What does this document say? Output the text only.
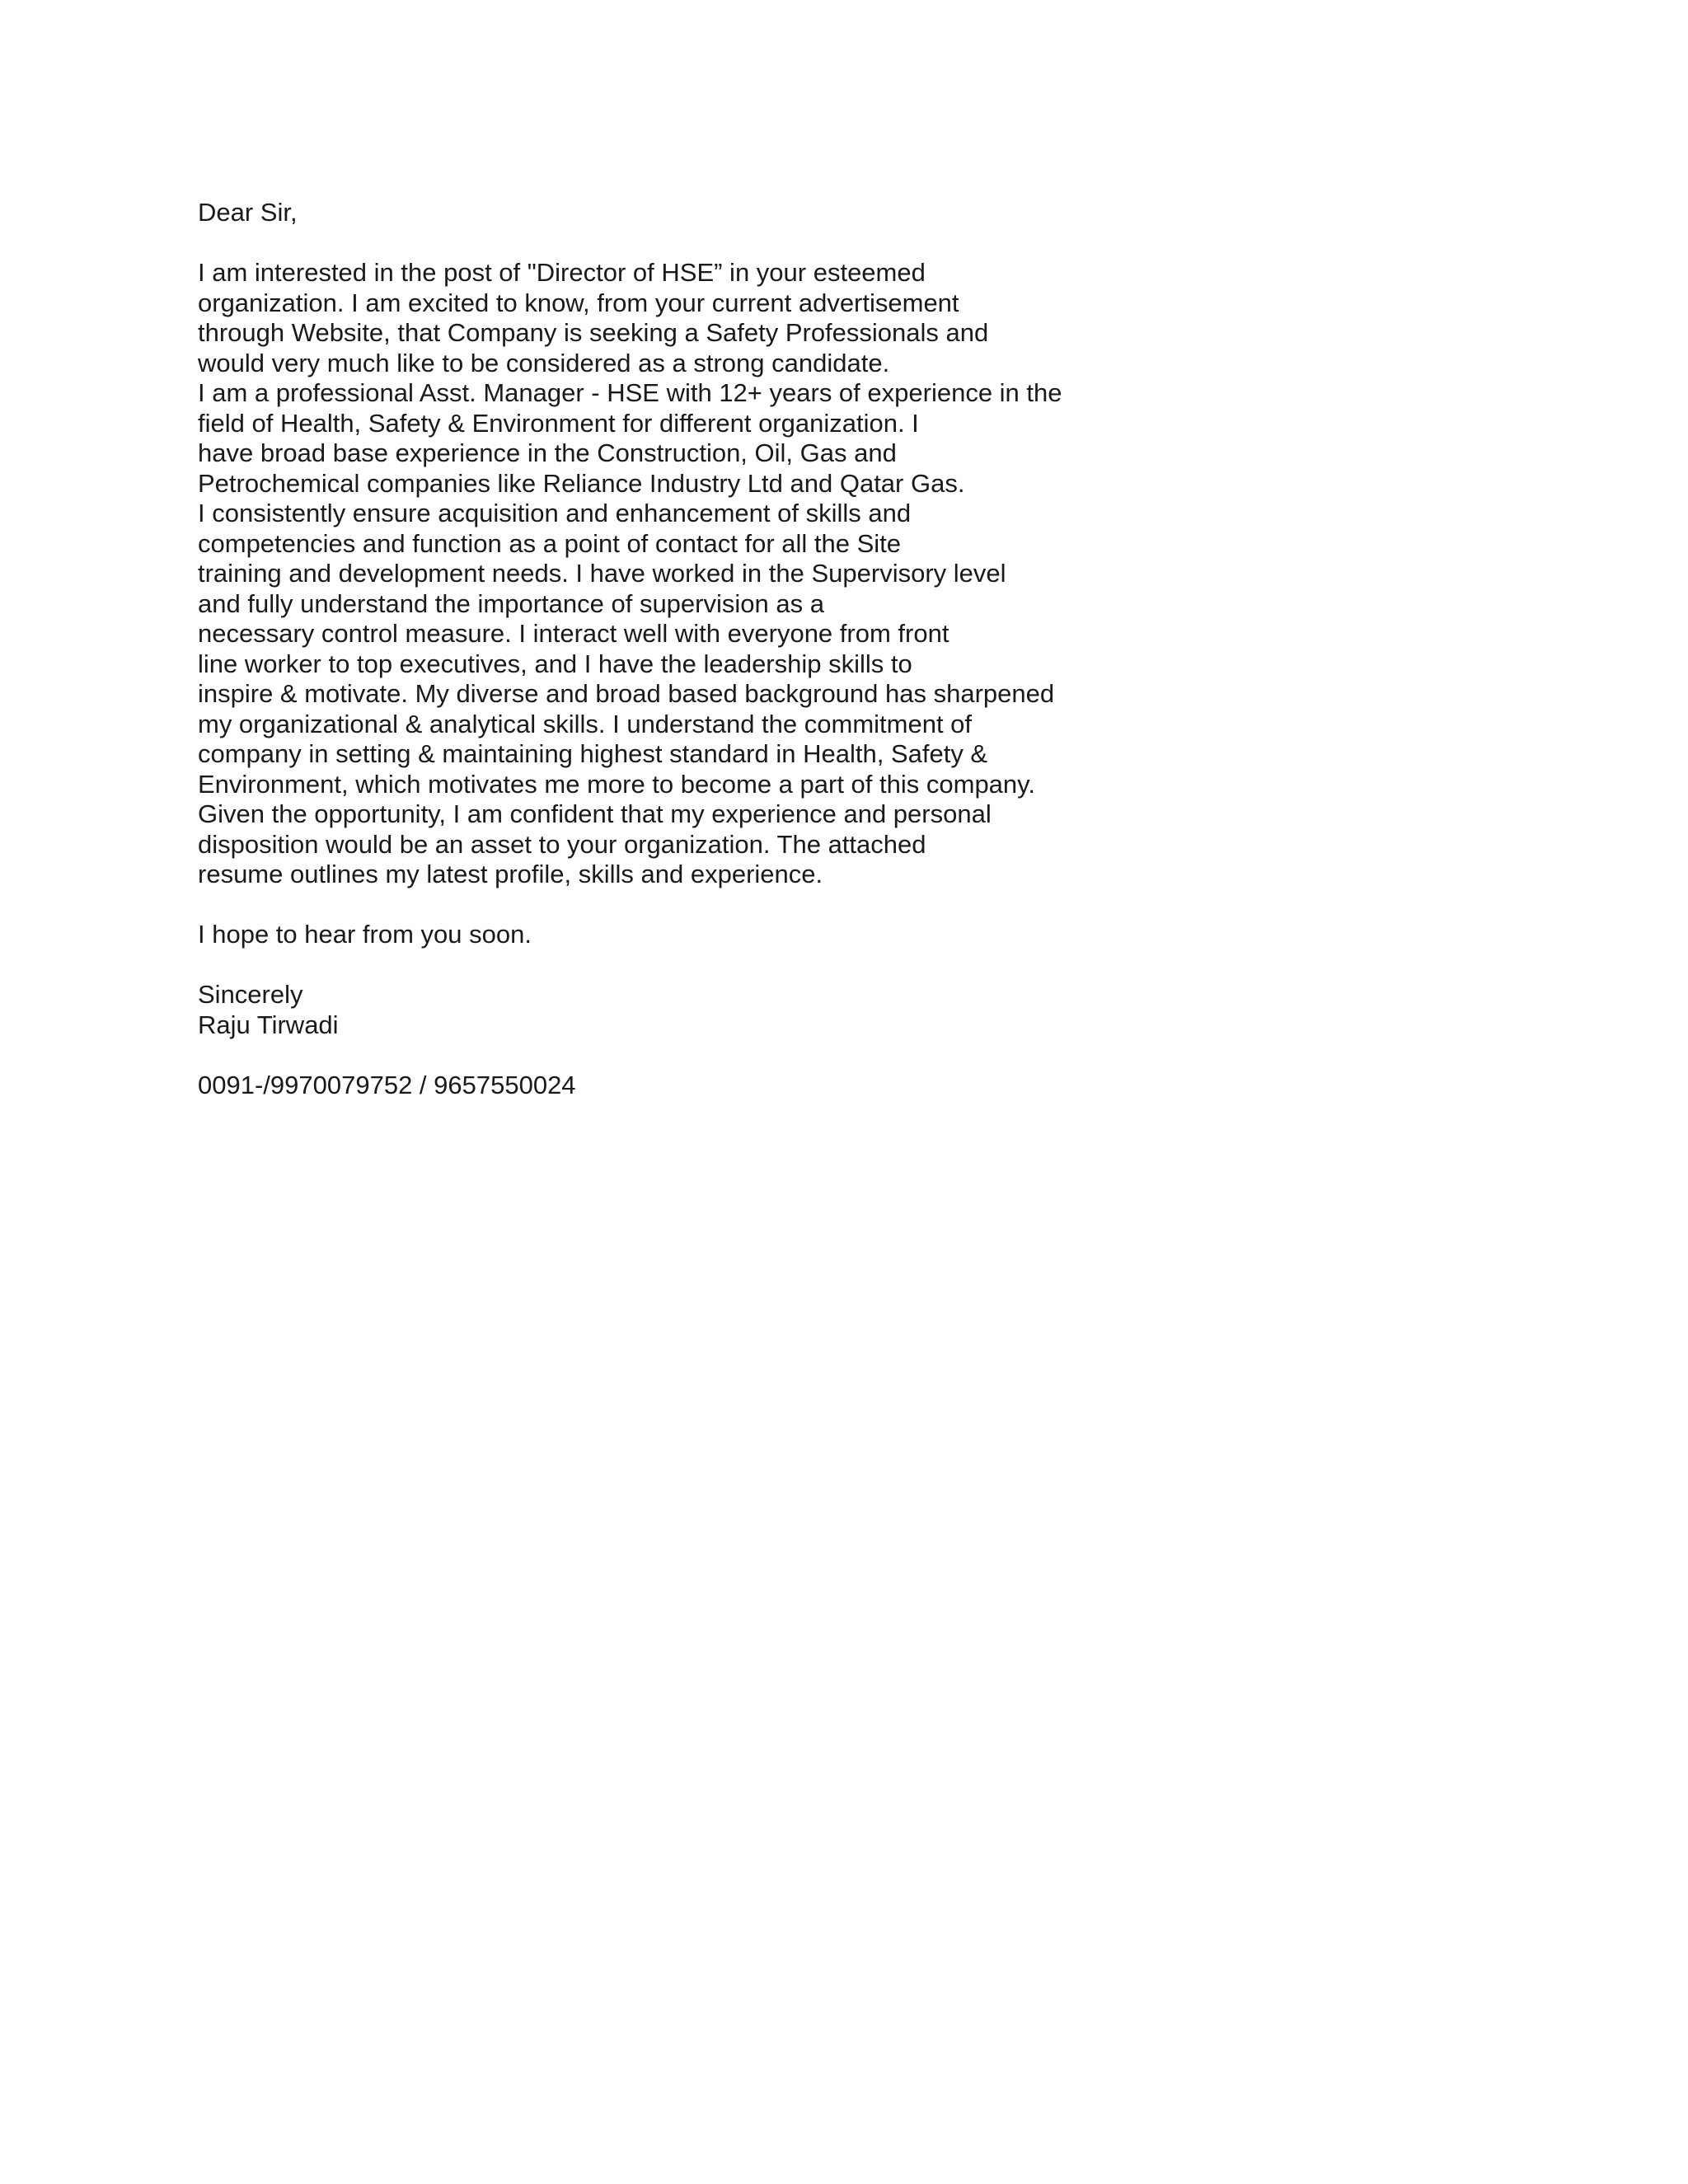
Dear Sir,

I am interested in the post of "Director of HSE” in your esteemed
organization. I am excited to know, from your current advertisement
through Website, that Company is seeking a Safety Professionals and
would very much like to be considered as a strong candidate.
I am a professional Asst. Manager - HSE with 12+ years of experience in the
field of Health, Safety & Environment for different organization. I
have broad base experience in the Construction, Oil, Gas and
Petrochemical companies like Reliance Industry Ltd and Qatar Gas.
I consistently ensure acquisition and enhancement of skills and
competencies and function as a point of contact for all the Site
training and development needs. I have worked in the Supervisory level
and fully understand the importance of supervision as a
necessary control measure. I interact well with everyone from front
line worker to top executives, and I have the leadership skills to
inspire & motivate. My diverse and broad based background has sharpened
my organizational & analytical skills. I understand the commitment of
company in setting & maintaining highest standard in Health, Safety &
Environment, which motivates me more to become a part of this company.
Given the opportunity, I am confident that my experience and personal
disposition would be an asset to your organization. The attached
resume outlines my latest profile, skills and experience.

I hope to hear from you soon.

Sincerely

Raju Tirwadi

0091-/9970079752 / 9657550024
